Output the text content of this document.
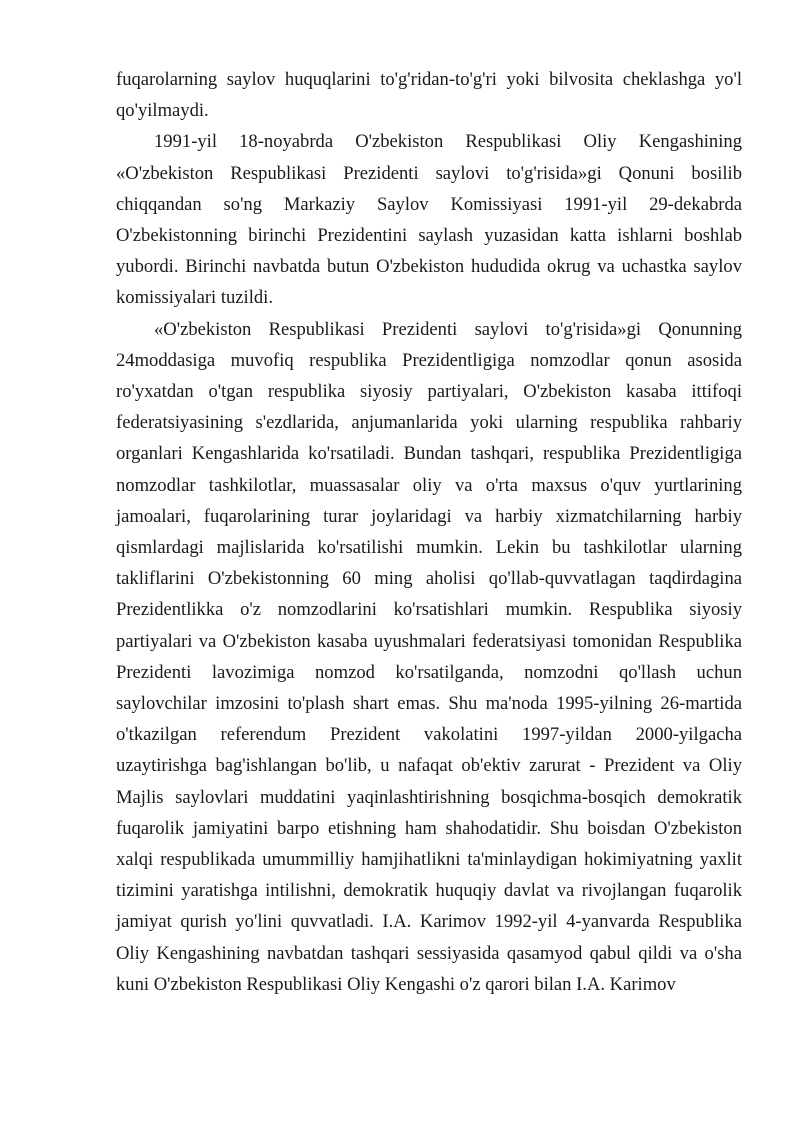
fuqarolarning saylov huquqlarini to'g'ridan-to'g'ri yoki bilvosita cheklashga yo'l qo'yilmaydi.

1991-yil 18-noyabrda O'zbekiston Respublikasi Oliy Kengashining «O'zbekiston Respublikasi Prezidenti saylovi to'g'risida»gi Qonuni bosilib chiqqandan so'ng Markaziy Saylov Komissiyasi 1991-yil 29-dekabrda O'zbekistonning birinchi Prezidentini saylash yuzasidan katta ishlarni boshlab yubordi. Birinchi navbatda butun O'zbekiston hududida okrug va uchastka saylov komissiyalari tuzildi.

«O'zbekiston Respublikasi Prezidenti saylovi to'g'risida»gi Qonunning 24moddasiga muvofiq respublika Prezidentligiga nomzodlar qonun asosida ro'yxatdan o'tgan respublika siyosiy partiyalari, O'zbekiston kasaba ittifoqi federatsiyasining s'ezdlarida, anjumanlarida yoki ularning respublika rahbariy organlari Kengashlarida ko'rsatiladi. Bundan tashqari, respublika Prezidentligiga nomzodlar tashkilotlar, muassasalar oliy va o'rta maxsus o'quv yurtlarining jamoalari, fuqarolarining turar joylaridagi va harbiy xizmatchilarning harbiy qismlardagi majlislarida ko'rsatilishi mumkin. Lekin bu tashkilotlar ularning takliflarini O'zbekistonning 60 ming aholisi qo'llab-quvvatlagan taqdirdagina Prezidentlikka o'z nomzodlarini ko'rsatishlari mumkin. Respublika siyosiy partiyalari va O'zbekiston kasaba uyushmalari federatsiyasi tomonidan Respublika Prezidenti lavozimiga nomzod ko'rsatilganda, nomzodni qo'llash uchun saylovchilar imzosini to'plash shart emas. Shu ma'noda 1995-yilning 26-martida o'tkazilgan referendum Prezident vakolatini 1997-yildan 2000-yilgacha uzaytirishga bag'ishlangan bo'lib, u nafaqat ob'ektiv zarurat - Prezident va Oliy Majlis saylovlari muddatini yaqinlashtirishning bosqichma-bosqich demokratik fuqarolik jamiyatini barpo etishning ham shahodatidir. Shu boisdan O'zbekiston xalqi respublikada umummilliy hamjihatlikni ta'minlaydigan hokimiyatning yaxlit tizimini yaratishga intilishni, demokratik huquqiy davlat va rivojlangan fuqarolik jamiyat qurish yo'lini quvvatladi. I.A. Karimov 1992-yil 4-yanvarda Respublika Oliy Kengashining navbatdan tashqari sessiyasida qasamyod qabul qildi va o'sha kuni O'zbekiston Respublikasi Oliy Kengashi o'z qarori bilan I.A. Karimov
